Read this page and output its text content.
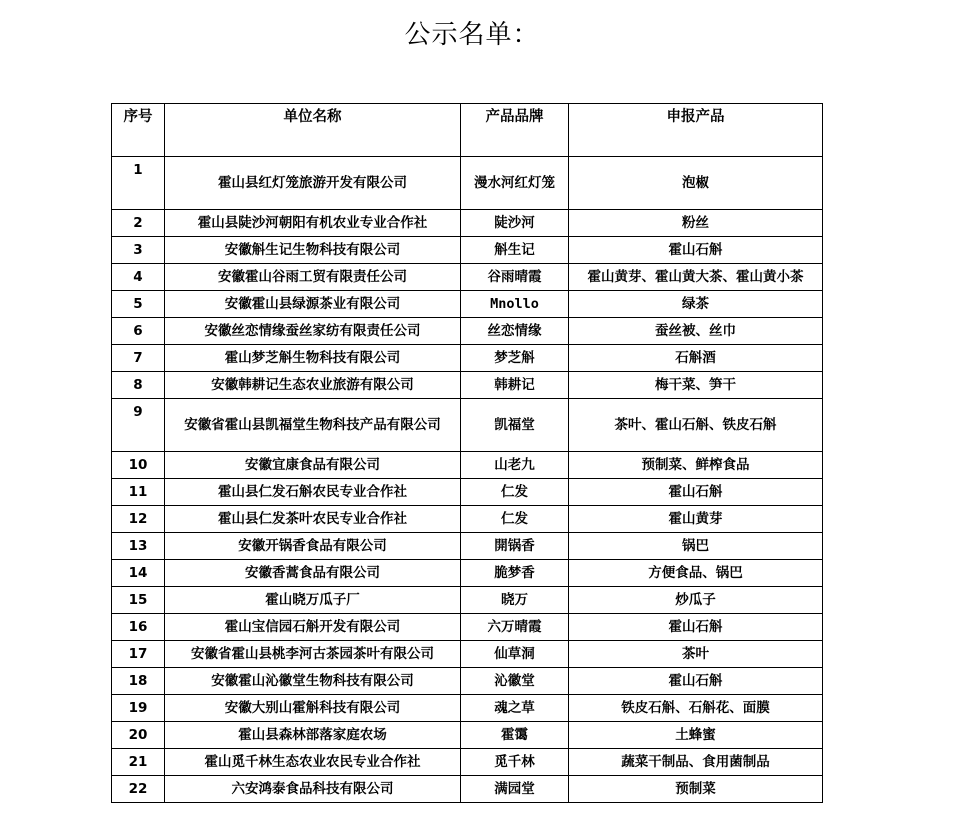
公示名单：
序号	单位名称	产品品牌	申报产品
1	霍山县红灯笼旅游开发有限公司	漫水河红灯笼	泡椒
2	霍山县陡沙河朝阳有机农业专业合作社	陡沙河	粉丝
3	安徽斛生记生物科技有限公司	斛生记	霍山石斛
4	安徽霍山谷雨工贸有限责任公司	谷雨晴霞	霍山黄芽、霍山黄大茶、霍山黄小茶
5	安徽霍山县绿源茶业有限公司	Mnollo	绿茶
6	安徽丝恋情缘蚕丝家纺有限责任公司	丝恋情缘	蚕丝被、丝巾
7	霍山梦芝斛生物科技有限公司	梦芝斛	石斛酒
8	安徽韩耕记生态农业旅游有限公司	韩耕记	梅干菜、笋干
9	安徽省霍山县凯福堂生物科技产品有限公司	凯福堂	茶叶、霍山石斛、铁皮石斛
10	安徽宜康食品有限公司	山老九	预制菜、鲜榨食品
11	霍山县仁发石斛农民专业合作社	仁发	霍山石斛
12	霍山县仁发茶叶农民专业合作社	仁发	霍山黄芽
13	安徽开锅香食品有限公司	開锅香	锅巴
14	安徽香蒿食品有限公司	脆梦香	方便食品、锅巴
15	霍山晓万瓜子厂	晓万	炒瓜子
16	霍山宝信园石斛开发有限公司	六万晴霞	霍山石斛
17	安徽省霍山县桃李河古茶园茶叶有限公司	仙草洞	茶叶
18	安徽霍山沁徽堂生物科技有限公司	沁徽堂	霍山石斛
19	安徽大别山霍斛科技有限公司	魂之草	铁皮石斛、石斛花、面膜
20	霍山县森林部落家庭农场	霍霭	土蜂蜜
21	霍山觅千林生态农业农民专业合作社	觅千林	蔬菜干制品、食用菌制品
22	六安鸿泰食品科技有限公司	满园堂	预制菜
